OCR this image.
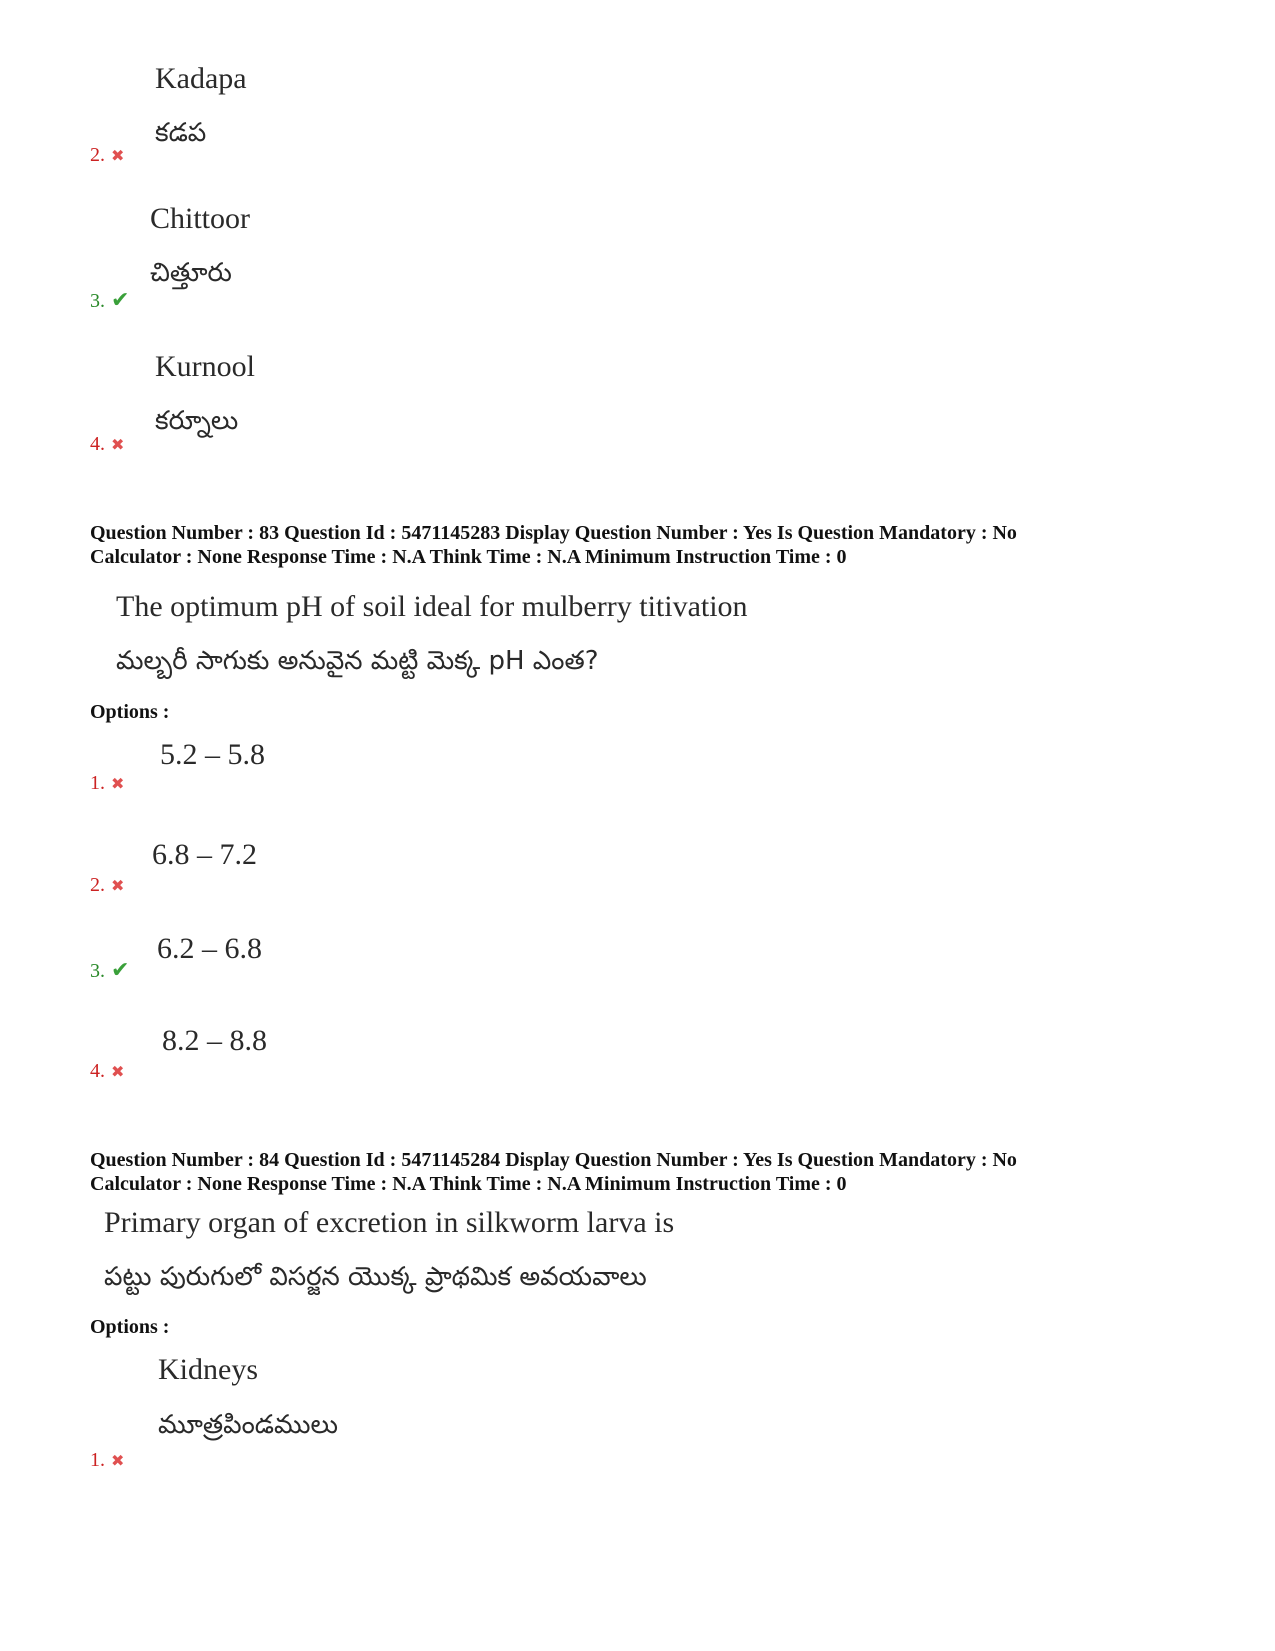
Kadapa
కడప
2. ✖
Chittoor
చిత్తూరు
3. ✔
Kurnool
కర్నూలు
4. ✖
Question Number : 83 Question Id : 5471145283 Display Question Number : Yes Is Question Mandatory : No
Calculator : None Response Time : N.A Think Time : N.A Minimum Instruction Time : 0
The optimum pH of soil ideal for mulberry titivation
మల్బరీ సాగుకు అనువైన మట్టి మెక్క pH ఎంత?
Options :
5.2 – 5.8
1. ✖
6.8 – 7.2
2. ✖
6.2 – 6.8
3. ✔
8.2 – 8.8
4. ✖
Question Number : 84 Question Id : 5471145284 Display Question Number : Yes Is Question Mandatory : No
Calculator : None Response Time : N.A Think Time : N.A Minimum Instruction Time : 0
Primary organ of excretion in silkworm larva is
పట్టు పురుగులో విసర్జన యొక్క ప్రాథమిక అవయవాలు
Options :
Kidneys
మూత్రపిండములు
1. ✖
